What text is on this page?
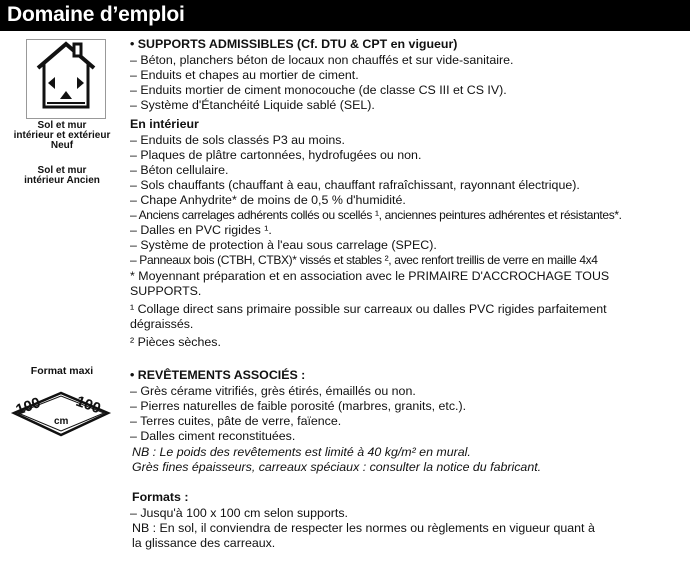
Domaine d’emploi
Sol et mur
intérieur et extérieur
Neuf
Sol et mur
intérieur Ancien
Format maxi
100 100
cm
• SUPPORTS ADMISSIBLES (Cf. DTU & CPT en vigueur)
– Béton, planchers béton de locaux non chauffés et sur vide-sanitaire.
– Enduits et chapes au mortier de ciment.
– Enduits mortier de ciment monocouche (de classe CS III et CS IV).
– Système d'Étanchéité Liquide sablé (SEL).
En intérieur
– Enduits de sols classés P3 au moins.
– Plaques de plâtre cartonnées, hydrofugées ou non.
– Béton cellulaire.
– Sols chauffants (chauffant à eau, chauffant rafraîchissant, rayonnant électrique).
– Chape Anhydrite* de moins de 0,5 % d'humidité.
– Anciens carrelages adhérents collés ou scellés ¹, anciennes peintures adhérentes et résistantes*.
– Dalles en PVC rigides ¹.
– Système de protection à l'eau sous carrelage (SPEC).
– Panneaux bois (CTBH, CTBX)* vissés et stables ², avec renfort treillis de verre en maille 4x4
* Moyennant préparation et en association avec le PRIMAIRE D'ACCROCHAGE TOUS
SUPPORTS.
¹ Collage direct sans primaire possible sur carreaux ou dalles PVC rigides parfaitement
dégraissés.
² Pièces sèches.
• REVÊTEMENTS ASSOCIÉS :
– Grès cérame vitrifiés, grès étirés, émaillés ou non.
– Pierres naturelles de faible porosité (marbres, granits, etc.).
– Terres cuites, pâte de verre, faïence.
– Dalles ciment reconstituées.
NB : Le poids des revêtements est limité à 40 kg/m² en mural.
Grès fines épaisseurs, carreaux spéciaux : consulter la notice du fabricant.
Formats :
– Jusqu'à 100 x 100 cm selon supports.
NB : En sol, il conviendra de respecter les normes ou règlements en vigueur quant à
la glissance des carreaux.
